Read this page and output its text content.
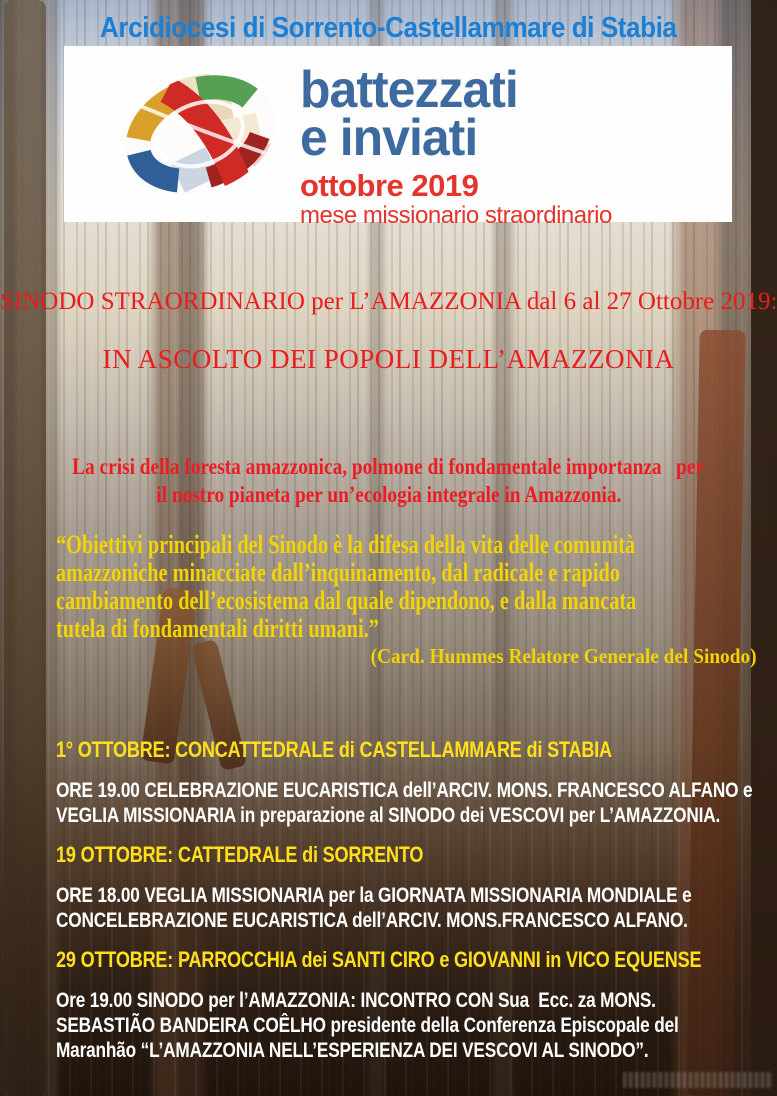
Arcidiocesi di Sorrento-Castellammare di Stabia
battezzati
e inviati
ottobre 2019
mese missionario straordinario
SINODO STRAORDINARIO per L’AMAZZONIA dal 6 al 27 Ottobre 2019:
IN ASCOLTO DEI POPOLI DELL’AMAZZONIA
La crisi della foresta amazzonica, polmone di fondamentale importanza   per
il nostro pianeta per un’ecologia integrale in Amazzonia.
“Obiettivi principali del Sinodo è la difesa della vita delle comunità
amazzoniche minacciate dall’inquinamento, dal radicale e rapido
cambiamento dell’ecosistema dal quale dipendono, e dalla mancata
tutela di fondamentali diritti umani.”
(Card. Hummes Relatore Generale del Sinodo)
1° OTTOBRE: CONCATTEDRALE di CASTELLAMMARE di STABIA
ORE 19.00 CELEBRAZIONE EUCARISTICA dell’ARCIV. MONS. FRANCESCO ALFANO e
VEGLIA MISSIONARIA in preparazione al SINODO dei VESCOVI per L’AMAZZONIA.
19 OTTOBRE: CATTEDRALE di SORRENTO
ORE 18.00 VEGLIA MISSIONARIA per la GIORNATA MISSIONARIA MONDIALE e
CONCELEBRAZIONE EUCARISTICA dell’ARCIV. MONS.FRANCESCO ALFANO.
29 OTTOBRE: PARROCCHIA dei SANTI CIRO e GIOVANNI in VICO EQUENSE
Ore 19.00 SINODO per l’AMAZZONIA: INCONTRO CON Sua  Ecc. za MONS.
SEBASTIÃO BANDEIRA COÊLHO presidente della Conferenza Episcopale del
Maranhão “L’AMAZZONIA NELL’ESPERIENZA DEI VESCOVI AL SINODO”.
